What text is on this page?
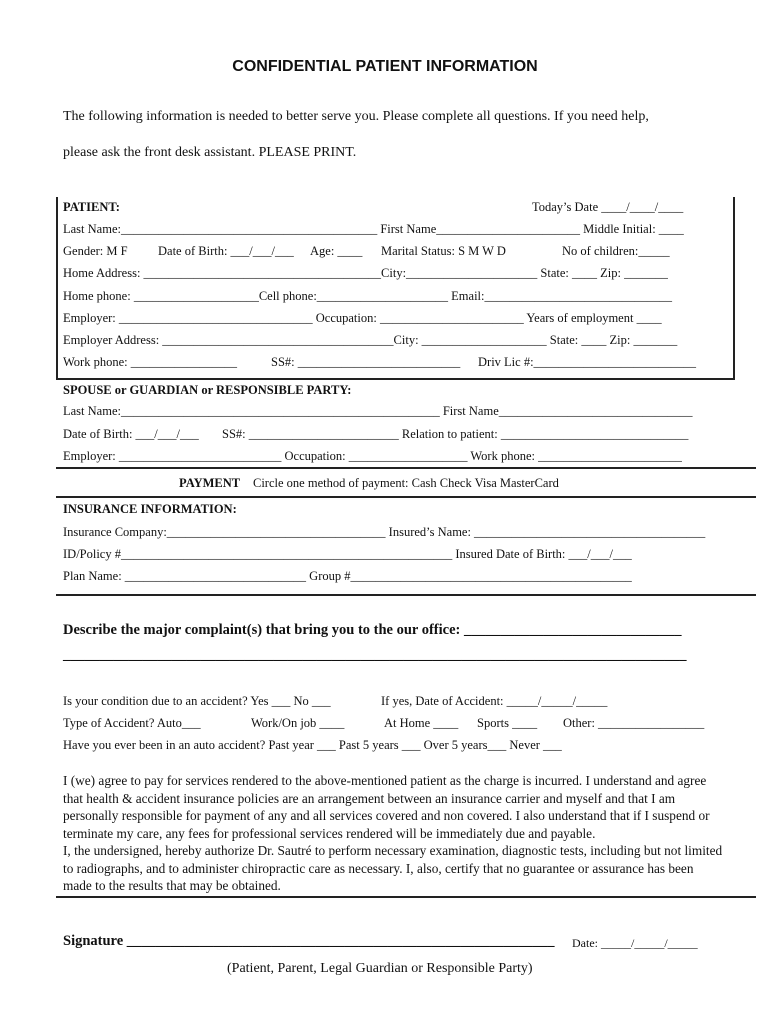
CONFIDENTIAL PATIENT INFORMATION
The following information is needed to better serve you. Please complete all questions. If you need help,
please ask the front desk assistant. PLEASE PRINT.
PATIENT:	Today’s Date ____/____/____
Last Name:_________________________________________ First Name_______________________ Middle Initial: ____
Gender: M F Date of Birth: ___/___/___ Age: ____ Marital Status: S M W D	No of children:_____
Home Address: ______________________________________City:_____________________ State: ____ Zip: _______
Home phone: ____________________Cell phone:_____________________ Email:______________________________
Employer: _______________________________ Occupation: _______________________ Years of employment ____
Employer Address: _____________________________________City: ____________________ State: ____ Zip: _______
Work phone: _________________	SS#: __________________________ Driv Lic #:__________________________
SPOUSE or GUARDIAN or RESPONSIBLE PARTY:
Last Name:___________________________________________________ First Name_______________________________
Date of Birth: ___/___/___ SS#: ________________________ Relation to patient: ______________________________
Employer: __________________________ Occupation: ___________________ Work phone: _______________________
PAYMENT Circle one method of payment: Cash Check Visa MasterCard
INSURANCE INFORMATION:
Insurance Company:___________________________________ Insured’s Name: _____________________________________
ID/Policy #_____________________________________________________ Insured Date of Birth: ___/___/___
Plan Name: _____________________________ Group #_____________________________________________
Describe the major complaint(s) that bring you to the our office: ______________________________
______________________________________________________________________________________
Is your condition due to an accident? Yes ___ No ___	If yes, Date of Accident: _____/_____/_____
Type of Accident? Auto___	Work/On job ____	At Home ____ Sports ____ Other: _________________
Have you ever been in an auto accident? Past year ___ Past 5 years ___ Over 5 years___ Never ___

I (we) agree to pay for services rendered to the above-mentioned patient as the charge is incurred. I understand and agree that health & accident insurance policies are an arrangement between an insurance carrier and myself and that I am personally responsible for payment of any and all services covered and non covered. I also understand that if I suspend or terminate my care, any fees for professional services rendered will be immediately due and payable.

I, the undersigned, hereby authorize Dr. Sautré to perform necessary examination, diagnostic tests, including but not limited to radiographs, and to administer chiropractic care as necessary. I, also, certify that no guarantee or assurance has been made to the results that may be obtained.

Signature ___________________________________________________________ Date: _____/_____/_____
(Patient, Parent, Legal Guardian or Responsible Party)
